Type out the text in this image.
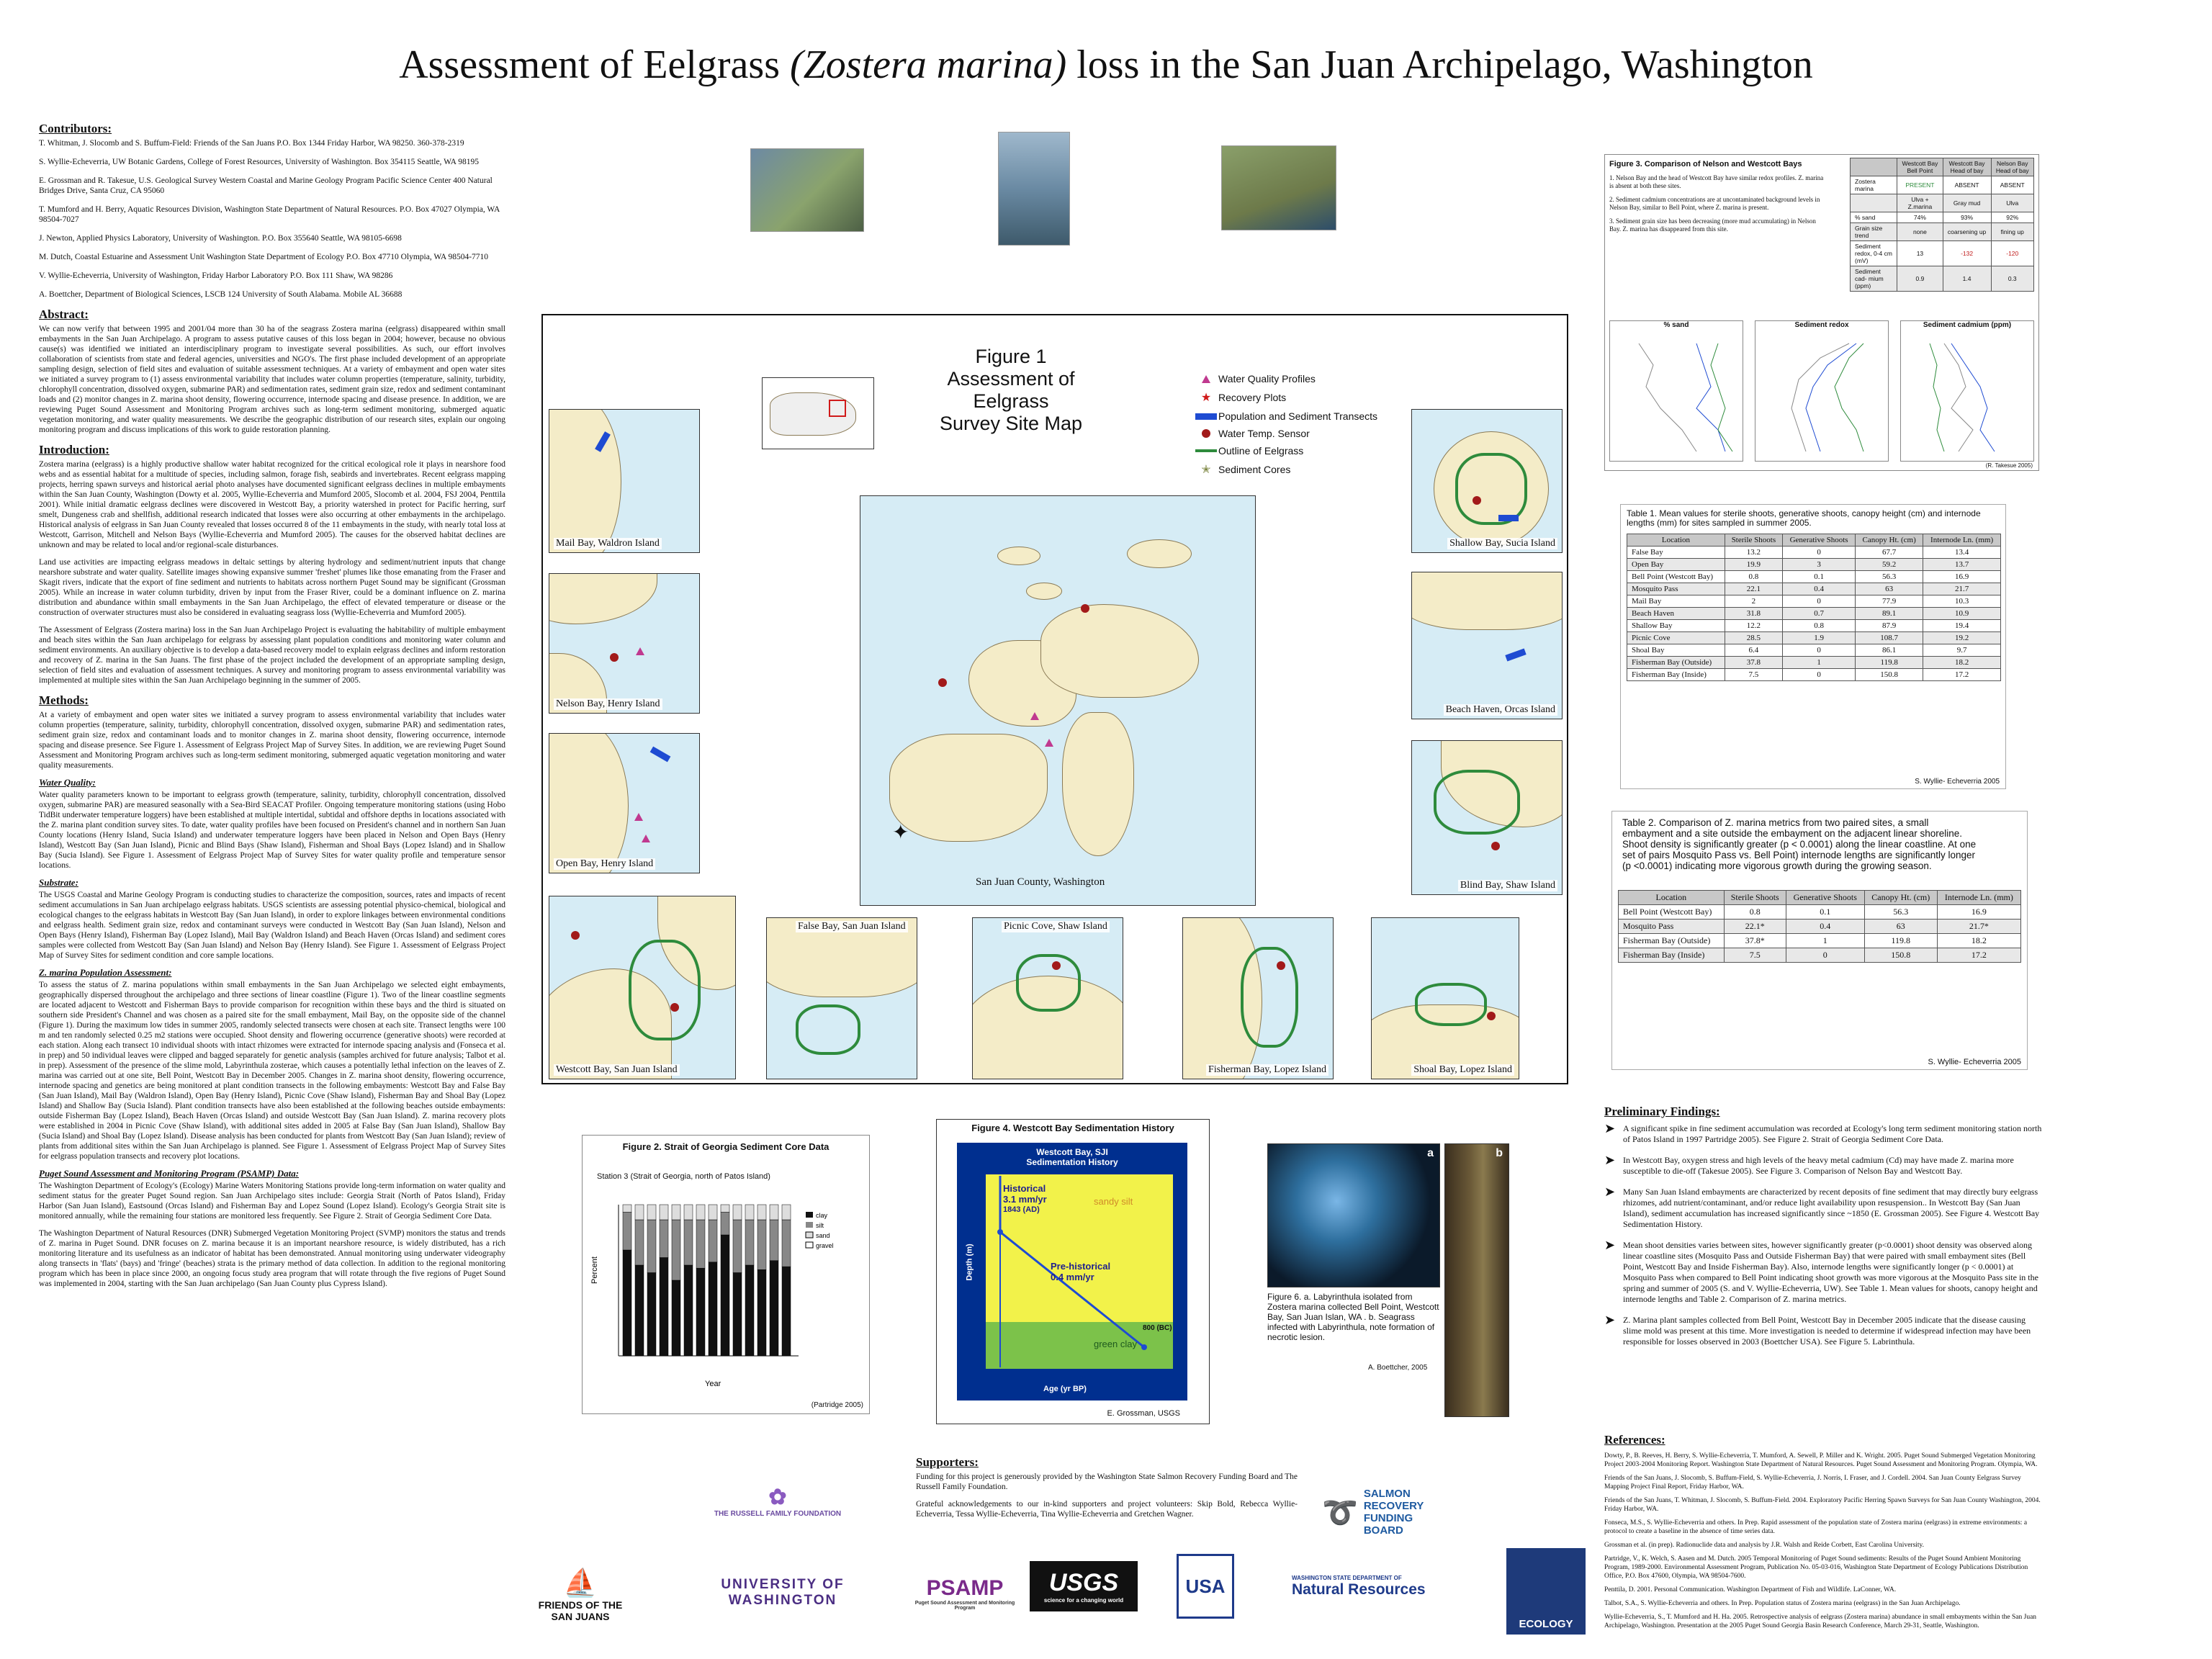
Assessment of Eelgrass (Zostera marina) loss in the San Juan Archipelago, Washington
Contributors:
T. Whitman, J. Slocomb and S. Buffum-Field: Friends of the San Juans P.O. Box 1344 Friday Harbor, WA 98250. 360-378-2319
S. Wyllie-Echeverria, UW Botanic Gardens, College of Forest Resources, University of Washington. Box 354115 Seattle, WA 98195
E. Grossman and R. Takesue, U.S. Geological Survey Western Coastal and Marine Geology Program Pacific Science Center 400 Natural Bridges Drive, Santa Cruz, CA 95060
T. Mumford and H. Berry, Aquatic Resources Division, Washington State Department of Natural Resources. P.O. Box 47027 Olympia, WA 98504-7027
J. Newton, Applied Physics Laboratory, University of Washington. P.O. Box 355640 Seattle, WA 98105-6698
M. Dutch, Coastal Estuarine and Assessment Unit Washington State Department of Ecology P.O. Box 47710 Olympia, WA 98504-7710
V. Wyllie-Echeverria, University of Washington, Friday Harbor Laboratory P.O. Box 111 Shaw, WA 98286
A. Boettcher, Department of Biological Sciences, LSCB 124 University of South Alabama. Mobile AL 36688
Abstract:
We can now verify that between 1995 and 2001/04 more than 30 ha of the seagrass Zostera marina (eelgrass) disappeared within small embayments in the San Juan Archipelago. A program to assess putative causes of this loss began in 2004; however, because no obvious cause(s) was identified we initiated an interdisciplinary program to investigate several possibilities. As such, our effort involves collaboration of scientists from state and federal agencies, universities and NGO's. The first phase included development of an appropriate sampling design, selection of field sites and evaluation of suitable assessment techniques. At a variety of embayment and open water sites we initiated a survey program to (1) assess environmental variability that includes water column properties (temperature, salinity, turbidity, chlorophyll concentration, dissolved oxygen, submarine PAR) and sedimentation rates, sediment grain size, redox and sediment contaminant loads and (2) monitor changes in Z. marina shoot density, flowering occurrence, internode spacing and disease presence. In addition, we are reviewing Puget Sound Assessment and Monitoring Program archives such as long-term sediment monitoring, submerged aquatic vegetation monitoring, and water quality measurements. We describe the geographic distribution of our research sites, explain our ongoing monitoring program and discuss implications of this work to guide restoration planning.
Introduction:
Zostera marina (eelgrass) is a highly productive shallow water habitat recognized for the critical ecological role it plays in nearshore food webs and as essential habitat for a multitude of species, including salmon, forage fish, seabirds and invertebrates. Recent eelgrass mapping projects, herring spawn surveys and historical aerial photo analyses have documented significant eelgrass declines in multiple embayments within the San Juan County, Washington (Dowty et al. 2005, Wyllie-Echeverria and Mumford 2005, Slocomb et al. 2004, FSJ 2004, Penttila 2001). While initial dramatic eelgrass declines were discovered in Westcott Bay, a priority watershed in protect for Pacific herring, surf smelt, Dungeness crab and shellfish, additional research indicated that losses were also occurring at other embayments in the archipelago. Historical analysis of eelgrass in San Juan County revealed that losses occurred 8 of the 11 embayments in the study, with nearly total loss at Westcott, Garrison, Mitchell and Nelson Bays (Wyllie-Echeverria and Mumford 2005). The causes for the observed habitat declines are unknown and may be related to local and/or regional-scale disturbances.
Land use activities are impacting eelgrass meadows in deltaic settings by altering hydrology and sediment/nutrient inputs that change nearshore substrate and water quality. Satellite images showing expansive summer 'freshet' plumes like those emanating from the Fraser and Skagit rivers, indicate that the export of fine sediment and nutrients to habitats across northern Puget Sound may be significant (Grossman 2005). While an increase in water column turbidity, driven by input from the Fraser River, could be a dominant influence on Z. marina distribution and abundance within small embayments in the San Juan Archipelago, the effect of elevated temperature or disease or the construction of overwater structures must also be considered in evaluating seagrass loss (Wyllie-Echeverria and Mumford 2005).
The Assessment of Eelgrass (Zostera marina) loss in the San Juan Archipelago Project is evaluating the habitability of multiple embayment and beach sites within the San Juan archipelago for eelgrass by assessing plant population conditions and monitoring water column and sediment environments. An auxiliary objective is to develop a data-based recovery model to explain eelgrass declines and inform restoration and recovery of Z. marina in the San Juans. The first phase of the project included the development of an appropriate sampling design, selection of field sites and evaluation of assessment techniques. A survey and monitoring program to assess environmental variability was implemented at multiple sites within the San Juan Archipelago beginning in the summer of 2005.
Methods:
At a variety of embayment and open water sites we initiated a survey program to assess environmental variability that includes water column properties (temperature, salinity, turbidity, chlorophyll concentration, dissolved oxygen, submarine PAR) and sedimentation rates, sediment grain size, redox and contaminant loads and to monitor changes in Z. marina shoot density, flowering occurrence, internode spacing and disease presence. See Figure 1. Assessment of Eelgrass Project Map of Survey Sites. In addition, we are reviewing Puget Sound Assessment and Monitoring Program archives such as long-term sediment monitoring, submerged aquatic vegetation monitoring and water quality measurements.
Water Quality:
Water quality parameters known to be important to eelgrass growth (temperature, salinity, turbidity, chlorophyll concentration, dissolved oxygen, submarine PAR) are measured seasonally with a Sea-Bird SEACAT Profiler. Ongoing temperature monitoring stations (using Hobo TidBit underwater temperature loggers) have been established at multiple intertidal, subtidal and offshore depths in locations associated with the Z. marina plant condition survey sites. To date, water quality profiles have been focused on President's channel and in northern San Juan County locations (Henry Island, Sucia Island) and underwater temperature loggers have been placed in Nelson and Open Bays (Henry Island), Westcott Bay (San Juan Island), Picnic and Blind Bays (Shaw Island), Fisherman and Shoal Bays (Lopez Island) and in Shallow Bay (Sucia Island). See Figure 1. Assessment of Eelgrass Project Map of Survey Sites for water quality profile and temperature sensor locations.
Substrate:
The USGS Coastal and Marine Geology Program is conducting studies to characterize the composition, sources, rates and impacts of recent sediment accumulations in San Juan archipelago eelgrass habitats. USGS scientists are assessing potential physico-chemical, biological and ecological changes to the eelgrass habitats in Westcott Bay (San Juan Island), in order to explore linkages between environmental conditions and eelgrass health. Sediment grain size, redox and contaminant surveys were conducted in Westcott Bay (San Juan Island), Nelson and Open Bays (Henry Island), Fisherman Bay (Lopez Island), Mail Bay (Waldron Island) and Beach Haven (Orcas Island) and sediment cores samples were collected from Westcott Bay (San Juan Island) and Nelson Bay (Henry Island). See Figure 1. Assessment of Eelgrass Project Map of Survey Sites for sediment condition and core sample locations.
Z. marina Population Assessment:
To assess the status of Z. marina populations within small embayments in the San Juan Archipelago we selected eight embayments, geographically dispersed throughout the archipelago and three sections of linear coastline (Figure 1). Two of the linear coastline segments are located adjacent to Westcott and Fisherman Bays to provide comparison for recognition within these bays and the third is situated on southern side President's Channel and was chosen as a paired site for the small embayment, Mail Bay, on the opposite side of the channel (Figure 1). During the maximum low tides in summer 2005, randomly selected transects were chosen at each site. Transect lengths were 100 m and ten randomly selected 0.25 m2 stations were occupied. Shoot density and flowering occurrence (generative shoots) were recorded at each station. Along each transect 10 individual shoots with intact rhizomes were extracted for internode spacing analysis and (Fonseca et al. in prep) and 50 individual leaves were clipped and bagged separately for genetic analysis (samples archived for future analysis; Talbot et al. in prep). Assessment of the presence of the slime mold, Labyrinthula zosterae, which causes a potentially lethal infection on the leaves of Z. marina was carried out at one site, Bell Point, Westcott Bay in December 2005. Changes in Z. marina shoot density, flowering occurrence, internode spacing and genetics are being monitored at plant condition transects in the following embayments: Westcott Bay and False Bay (San Juan Island), Mail Bay (Waldron Island), Open Bay (Henry Island), Picnic Cove (Shaw Island), Fisherman Bay and Shoal Bay (Lopez Island) and Shallow Bay (Sucia Island). Plant condition transects have also been established at the following beaches outside embayments: outside Fisherman Bay (Lopez Island), Beach Haven (Orcas Island) and outside Westcott Bay (San Juan Island). Z. marina recovery plots were established in 2004 in Picnic Cove (Shaw Island), with additional sites added in 2005 at False Bay (San Juan Island), Shallow Bay (Sucia Island) and Shoal Bay (Lopez Island). Disease analysis has been conducted for plants from Westcott Bay (San Juan Island); review of plants from additional sites within the San Juan Archipelago is planned. See Figure 1. Assessment of Eelgrass Project Map of Survey Sites for eelgrass population transects and recovery plot locations.
Puget Sound Assessment and Monitoring Program (PSAMP) Data:
The Washington Department of Ecology's (Ecology) Marine Waters Monitoring Stations provide long-term information on water quality and sediment status for the greater Puget Sound region. San Juan Archipelago sites include: Georgia Strait (North of Patos Island), Friday Harbor (San Juan Island), Eastsound (Orcas Island) and Fisherman Bay and Lopez Sound (Lopez Island). Ecology's Georgia Strait site is monitored annually, while the remaining four stations are monitored less frequently. See Figure 2. Strait of Georgia Sediment Core Data.
The Washington Department of Natural Resources (DNR) Submerged Vegetation Monitoring Project (SVMP) monitors the status and trends of Z. marina in Puget Sound. DNR focuses on Z. marina because it is an important nearshore resource, is widely distributed, has a rich monitoring literature and its usefulness as an indicator of habitat has been demonstrated. Annual monitoring using underwater videography along transects in 'flats' (bays) and 'fringe' (beaches) strata is the primary method of data collection. In addition to the regional monitoring program which has been in place since 2000, an ongoing focus study area program that will rotate through the five regions of Puget Sound was implemented in 2004, starting with the San Juan archipelago (San Juan County plus Cypress Island).
Figure 1
Assessment of Eelgrass
Survey Site Map
Water Quality Profiles
★ Recovery Plots
Population and Sediment Transects
Water Temp. Sensor
Outline of Eelgrass
✭ Sediment Cores
✦
San Juan County, Washington
Mail Bay, Waldron Island
Nelson Bay, Henry Island
Open Bay, Henry Island
Westcott Bay, San Juan Island
False Bay, San Juan Island	Picnic Cove, Shaw Island
Fisherman Bay, Lopez Island	Shoal Bay, Lopez Island
Blind Bay, Shaw Island
Beach Haven, Orcas Island
Shallow Bay, Sucia Island
Figure 2. Strait of Georgia Sediment Core Data
Station 3 (Strait of Georgia, north of Patos Island)
Percent
Year
clay
silt
sand
gravel
(Partridge 2005)
Figure 4. Westcott Bay Sedimentation History
Westcott Bay, SJI
Sedimentation History
Historical
3.1 mm/yr
1843 (AD)
sandy silt
Pre-historical
0.4 mm/yr
green clay
800 (BC)
Age (yr BP)
Depth (m)
E. Grossman, USGS
a	b
Figure 6. a. Labyrinthula isolated from Zostera marina collected Bell Point, Westcott Bay, San Juan Islan, WA . b. Seagrass infected with Labyrinthula, note formation of necrotic lesion.
A. Boettcher, 2005
Figure 3. Comparison of Nelson and Westcott Bays
1. Nelson Bay and the head of Westcott Bay have similar redox profiles. Z. marina is absent at both these sites.
2. Sediment cadmium concentrations are at uncontaminated background levels in Nelson Bay, similar to Bell Point, where Z. marina is present.
3. Sediment grain size has been decreasing (more mud accumulating) in Nelson Bay. Z. marina has disappeared from this site.
	Westcott Bay Bell Point	Westcott Bay Head of bay	Nelson Bay Head of bay
Zostera marina	PRESENT	ABSENT	ABSENT
	Ulva + Z.marina	Gray mud	Ulva
% sand	74%	93%	92%
Grain size trend	none	coarsening up	fining up
Sediment redox, 0-4 cm (mV)	13	-132	-120
Sediment cad- mium (ppm)	0.9	1.4	0.3
% sand	Sediment redox	Sediment cadmium (ppm)
(R. Takesue 2005)
Table 1. Mean values for sterile shoots, generative shoots, canopy height (cm) and internode lengths (mm) for sites sampled in summer 2005.
Location	Sterile Shoots	Generative Shoots	Canopy Ht. (cm)	Internode Ln. (mm)
False Bay	13.2	0	67.7	13.4
Open Bay	19.9	3	59.2	13.7
Bell Point (Westcott Bay)	0.8	0.1	56.3	16.9
Mosquito Pass	22.1	0.4	63	21.7
Mail Bay	2	0	77.9	10.3
Beach Haven	31.8	0.7	89.1	10.9
Shallow Bay	12.2	0.8	87.9	19.4
Picnic Cove	28.5	1.9	108.7	19.2
Shoal Bay	6.4	0	86.1	9.7
Fisherman Bay (Outside)	37.8	1	119.8	18.2
Fisherman Bay (Inside)	7.5	0	150.8	17.2
S. Wyllie- Echeverria 2005
Table 2. Comparison of Z. marina metrics from two paired sites, a small embayment and a site outside the embayment on the adjacent linear shoreline. Shoot density is significantly greater (p < 0.0001) along the linear coastline. At one set of pairs Mosquito Pass vs. Bell Point) internode lengths are significantly longer (p <0.0001) indicating more vigorous growth during the growing season.
Location	Sterile Shoots	Generative Shoots	Canopy Ht. (cm)	Internode Ln. (mm)
Bell Point (Westcott Bay)	0.8	0.1	56.3	16.9
Mosquito Pass	22.1*	0.4	63	21.7*
Fisherman Bay (Outside)	37.8*	1	119.8	18.2
Fisherman Bay (Inside)	7.5	0	150.8	17.2
S. Wyllie- Echeverria 2005
Preliminary Findings:
➤ A significant spike in fine sediment accumulation was recorded at Ecology's long term sediment monitoring station north of Patos Island in 1997 Partridge 2005). See Figure 2. Strait of Georgia Sediment Core Data.
➤ In Westcott Bay, oxygen stress and high levels of the heavy metal cadmium (Cd) may have made Z. marina more susceptible to die-off (Takesue 2005). See Figure 3. Comparison of Nelson Bay and Westcott Bay.
➤ Many San Juan Island embayments are characterized by recent deposits of fine sediment that may directly bury eelgrass rhizomes, add nutrient/contaminant, and/or reduce light availability upon resuspension.. In Westcott Bay (San Juan Island), sediment accumulation has increased significantly since ~1850 (E. Grossman 2005). See Figure 4. Westcott Bay Sedimentation History.
➤ Mean shoot densities varies between sites, however significantly greater (p<0.0001) shoot density was observed along linear coastline sites (Mosquito Pass and Outside Fisherman Bay) that were paired with small embayment sites (Bell Point, Westcott Bay and Inside Fisherman Bay). Also, internode lengths were significantly longer (p < 0.0001) at Mosquito Pass when compared to Bell Point indicating shoot growth was more vigorous at the Mosquito Pass site in the spring and summer of 2005 (S. and V. Wyllie-Echeverria, UW). See Table 1. Mean values for shoots, canopy height and internode lengths and Table 2. Comparison of Z. marina metrics.
➤ Z. Marina plant samples collected from Bell Point, Westcott Bay in December 2005 indicate that the disease causing slime mold was present at this time. More investigation is needed to determine if widespread infection may have been responsible for losses observed in 2003 (Boettcher USA). See Figure 5. Labrinthula.
References:

Dowty, P., B. Reeves, H. Berry, S. Wyllie-Echeverria, T. Mumford, A. Sewell, P. Miller and K. Wright. 2005. Puget Sound Submerged Vegetation Monitoring Project 2003-2004 Monitoring Report. Washington State Department of Natural Resources. Puget Sound Assessment and Monitoring Program. Olympia, WA.

Friends of the San Juans, J. Slocomb, S. Buffum-Field, S. Wyllie-Echeverria, J. Norris, I. Fraser, and J. Cordell. 2004. San Juan County Eelgrass Survey Mapping Project Final Report, Friday Harbor, WA.

Friends of the San Juans, T. Whitman, J. Slocomb, S. Buffum-Field. 2004. Exploratory Pacific Herring Spawn Surveys for San Juan County Washington, 2004. Friday Harbor, WA.

Fonseca, M.S., S. Wyllie-Echeverria and others. In Prep. Rapid assessment of the population state of Zostera marina (eelgrass) in extreme environments: a protocol to create a baseline in the absence of time series data.

Grossman et al. (in prep). Radionuclide data and analysis by J.R. Walsh and Reide Corbett, East Carolina University.

Partridge, V., K. Welch, S. Aasen and M. Dutch. 2005 Temporal Monitoring of Puget Sound sediments: Results of the Puget Sound Ambient Monitoring Program, 1989-2000. Environmental Assessment Program, Publication No. 05-03-016, Washington State Department of Ecology Publications Distribution Office, P.O. Box 47600, Olympia, WA 98504-7600.

Penttila, D. 2001. Personal Communication. Washington Department of Fish and Wildlife. LaConner, WA.

Talbot, S.A., S. Wyllie-Echeverria and others. In Prep. Population status of Zostera marina (eelgrass) in the San Juan Archipelago.

Wyllie-Echeverria, S., T. Mumford and H. Ha. 2005. Retrospective analysis of eelgrass (Zostera marina) abundance in small embayments within the San Juan Archipelago, Washington. Presentation at the 2005 Puget Sound Georgia Basin Research Conference, March 29-31, Seattle, Washington.

Supporters:
Funding for this project is generously provided by the Washington State Salmon Recovery Funding Board and The Russell Family Foundation.
Grateful acknowledgements to our in-kind supporters and project volunteers: Skip Bold, Rebecca Wyllie-Echeverria, Tessa Wyllie-Echeverria, Tina Wyllie-Echeverria and Gretchen Wagner.
✿
THE RUSSELL FAMILY FOUNDATION	➰
SALMON RECOVERY FUNDING BOARD
⛵
FRIENDS OF THE SAN JUANS
UNIVERSITY OF WASHINGTON
PSAMP
Puget Sound Assessment and Monitoring Program
USGS
science for a changing world
USA	WASHINGTON STATE DEPARTMENT OF
Natural Resources
ECOLOGY
